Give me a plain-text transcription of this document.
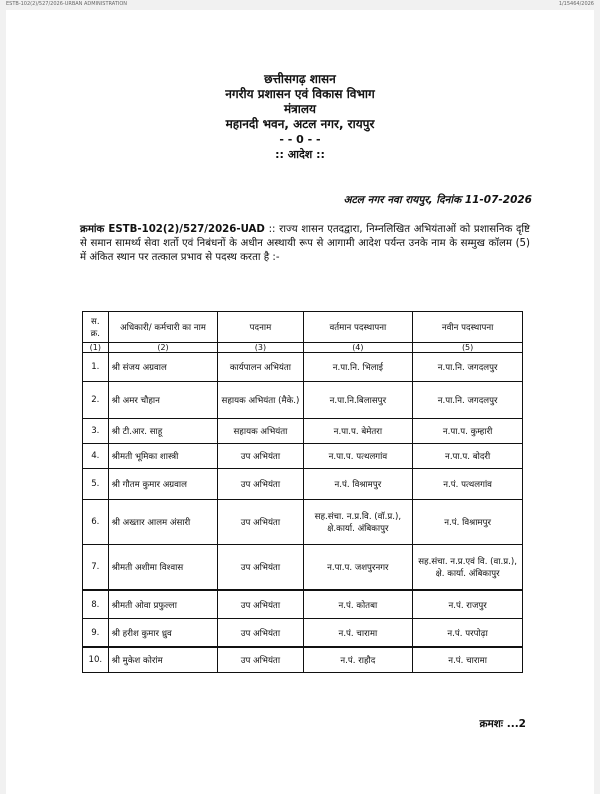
ESTB-102(2)/527/2026-URBAN ADMINISTRATION	1/15464/2026
छत्तीसगढ़ शासन
नगरीय प्रशासन एवं विकास विभाग
मंत्रालय
महानदी भवन, अटल नगर, रायपुर
- - 0 - -
:: आदेश ::
अटल नगर नवा रायपुर, दिनांक 11-07-2026
क्रमांक ESTB-102(2)/527/2026-UAD :: राज्य शासन एतदद्वारा, निम्नलिखित अभियंताओं को प्रशासनिक दृष्टि से समान सामर्थ्य सेवा शर्तो एवं निबंधनों के अधीन अस्थायी रूप से आगामी आदेश पर्यन्त उनके नाम के सम्मुख कॉलम (5) में अंकित स्थान पर तत्काल प्रभाव से पदस्थ करता है :-
स. क्र.	अधिकारी/ कर्मचारी का नाम	पदनाम	वर्तमान पदस्थापना	नवीन पदस्थापना
(1)	(2)	(3)	(4)	(5)
1.	श्री संजय अग्रवाल	कार्यपालन अभियंता	न.पा.नि. भिलाई	न.पा.नि. जगदलपुर
2.	श्री अमर चौहान	सहायक अभियंता (मैके.)	न.पा.नि.बिलासपुर	न.पा.नि. जगदलपुर
3.	श्री टी.आर. साहू	सहायक अभियंता	न.पा.प. बेमेतरा	न.पा.प. कुम्हारी
4.	श्रीमती भूमिका शास्त्री	उप अभियंता	न.पा.प. पत्थलगांव	न.पा.प. बोदरी
5.	श्री गौतम कुमार अग्रवाल	उप अभियंता	न.पं. विश्रामपुर	न.पं. पत्थलगांव
6.	श्री अख्तार आलम अंसारी	उप अभियंता	सह.संचा. न.प्र.वि. (वॉ.प्र.), क्षे.कार्या. अंबिकापुर	न.पं. विश्रामपुर
7.	श्रीमती अशीमा विश्वास	उप अभियंता	न.पा.प. जशपुरनगर	सह.संचा. न.प्र.एवं वि. (वा.प्र.), क्षे. कार्या. अंबिकापुर
8.	श्रीमती ओवा प्रफुल्ला	उप अभियंता	न.पं. कोतबा	न.पं. राजपुर
9.	श्री हरीश कुमार ध्रुव	उप अभियंता	न.पं. चारामा	न.पं. परपोढ़ा
10.	श्री मुकेश कोरांम	उप अभियंता	न.पं. राहौद	न.पं. चारामा
क्रमशः ...2
